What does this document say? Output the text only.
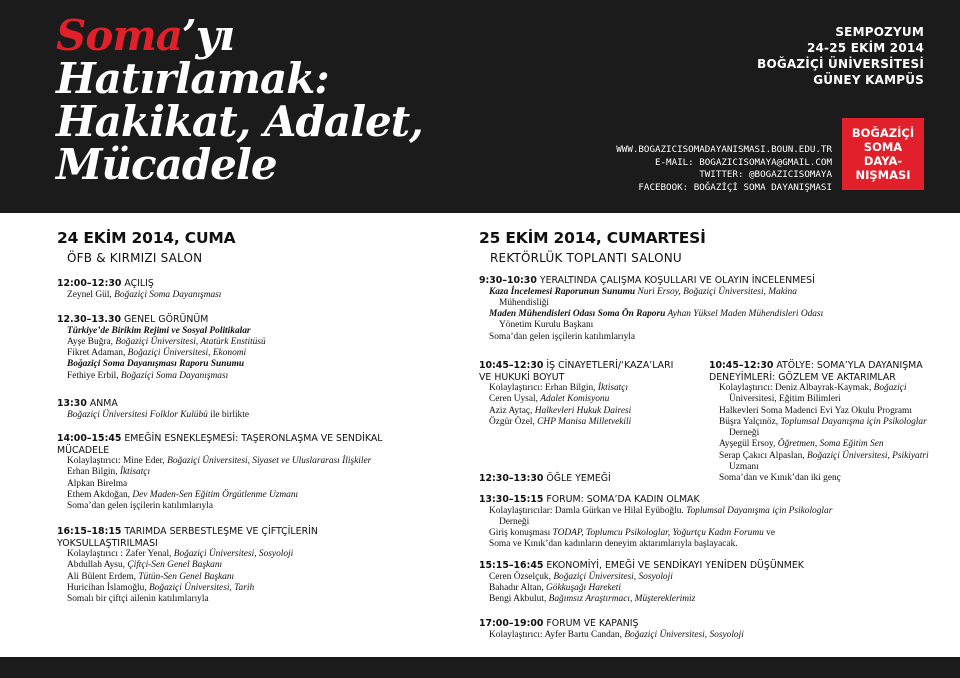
Soma’yı
Hatırlamak:
Hakikat, Adalet,
Mücadele
SEMPOZYUM
24-25 EKİM 2014
BOĞAZİÇİ ÜNİVERSİTESİ
GÜNEY KAMPÜS
WWW.BOGAZICISOMADAYANISMASI.BOUN.EDU.TR
E-MAIL: BOGAZICISOMAYA@GMAIL.COM
TWITTER: @BOGAZICISOMAYA
FACEBOOK: BOĞAZİÇİ SOMA DAYANIŞMASI
BOĞAZİÇİ
SOMA
DAYA-
NIŞMASI
24 EKİM 2014, CUMA
ÖFB & KIRMIZI SALON
12:00–12:30 AÇILIŞ
Zeynel Gül, Boğaziçi Soma Dayanışması
12.30–13.30 GENEL GÖRÜNÜM
Türkiye’de Birikim Rejimi ve Sosyal Politikalar
Ayşe Buğra, Boğaziçi Üniversitesi, Atatürk Enstitüsü
Fikret Adaman, Boğaziçi Üniversitesi, Ekonomi
Boğaziçi Soma Dayanışması Raporu Sunumu
Fethiye Erbil, Boğaziçi Soma Dayanışması
13:30 ANMA
Boğaziçi Üniversitesi Folklor Kulübü ile birlikte
14:00–15:45 EMEĞİN ESNEKLEŞMESİ: TAŞERONLAŞMA VE SENDİKAL
MÜCADELE
Kolaylaştırıcı: Mine Eder, Boğaziçi Üniversitesi, Siyaset ve Uluslararası İlişkiler
Erhan Bilgin, İktisatçı
Alpkan Birelma
Ethem Akdoğan, Dev Maden-Sen Eğitim Örgütlenme Uzmanı
Soma’dan gelen işçilerin katılımlarıyla
16:15–18:15 TARIMDA SERBESTLEŞME VE ÇİFTÇİLERİN
YOKSULLAŞTIRILMASI
Kolaylaştırıcı : Zafer Yenal, Boğaziçi Üniversitesi, Sosyoloji
Abdullah Aysu, Çiftçi-Sen Genel Başkanı
Ali Bülent Erdem, Tütün-Sen Genel Başkanı
Huricihan İslamoğlu, Boğaziçi Üniversitesi, Tarih
Somalı bir çiftçi ailenin katılımlarıyla
25 EKİM 2014, CUMARTESİ
REKTÖRLÜK TOPLANTI SALONU
9:30–10:30 YERALTINDA ÇALIŞMA KOŞULLARI VE OLAYIN İNCELENMESİ
Kaza İncelemesi Raporunun Sunumu Nuri Ersoy, Boğaziçi Üniversitesi, Makina
Mühendisliği
Maden Mühendisleri Odası Soma Ön Raporu Ayhan Yüksel Maden Mühendisleri Odası
Yönetim Kurulu Başkanı
Soma’dan gelen işçilerin katılımlarıyla
10:45–12:30 İŞ CİNAYETLERİ/‘KAZA’LARI
VE HUKUKİ BOYUT
Kolaylaştırıcı: Erhan Bilgin, İktisatçı
Ceren Uysal, Adalet Komisyonu
Aziz Aytaç, Halkevleri Hukuk Dairesi
Özgür Özel, CHP Manisa Milletvekili
10:45–12:30 ATÖLYE: SOMA’YLA DAYANIŞMA
DENEYİMLERİ: GÖZLEM VE AKTARIMLAR
Kolaylaştırıcı: Deniz Albayrak-Kaymak, Boğaziçi
Üniversitesi, Eğitim Bilimleri
Halkevleri Soma Madenci Evi Yaz Okulu Programı
Büşra Yalçınöz, Toplumsal Dayanışma için Psikologlar
Derneği
Ayşegül Ersoy, Öğretmen, Soma Eğitim Sen
Serap Çakıcı Alpaslan, Boğaziçi Üniversitesi, Psikiyatri
Uzmanı
Soma’dan ve Kınık’dan iki genç
12:30–13:30 ÖĞLE YEMEĞİ
13:30–15:15 FORUM: SOMA’DA KADIN OLMAK
Kolaylaştırıcılar: Damla Gürkan ve Hilal Eyüboğlu. Toplumsal Dayanışma için Psikologlar
Derneği
Giriş konuşması TODAP, Toplumcu Psikologlar, Yoğurtçu Kadın Forumu ve
Soma ve Kınık’dan kadınların deneyim aktarımlarıyla başlayacak.
15:15–16:45 EKONOMİYİ, EMEĞİ VE SENDİKAYI YENİDEN DÜŞÜNMEK
Ceren Özselçuk, Boğaziçi Üniversitesi, Sosyoloji
Bahadır Altan, Gökkuşağı Hareketi
Bengi Akbulut, Bağımsız Araştırmacı, Müştereklerimiz
17:00–19:00 FORUM VE KAPANIŞ
Kolaylaştırıcı: Ayfer Bartu Candan, Boğaziçi Üniversitesi, Sosyoloji
